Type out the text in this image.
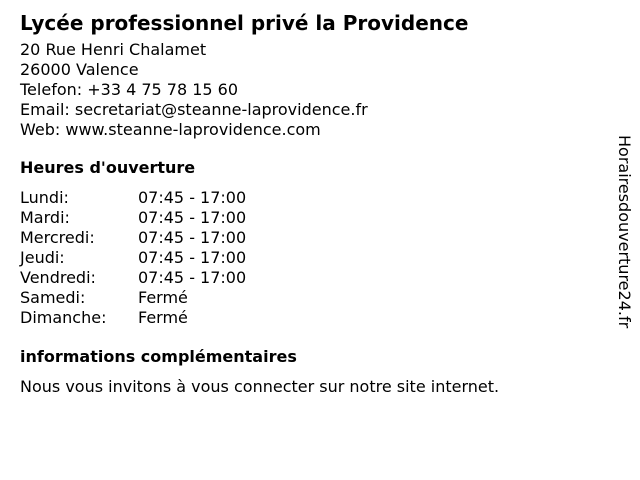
Lycée professionnel privé la Providence
20 Rue Henri Chalamet
26000 Valence
Telefon: +33 4 75 78 15 60
Email: secretariat@steanne-laprovidence.fr
Web: www.steanne-laprovidence.com
Heures d'ouverture
Lundi:	07:45 - 17:00
Mardi:	07:45 - 17:00
Mercredi:	07:45 - 17:00
Jeudi:	07:45 - 17:00
Vendredi:	07:45 - 17:00
Samedi:	Fermé
Dimanche:	Fermé
informations complémentaires
Nous vous invitons à vous connecter sur notre site internet.
Horairesdouverture24.fr
